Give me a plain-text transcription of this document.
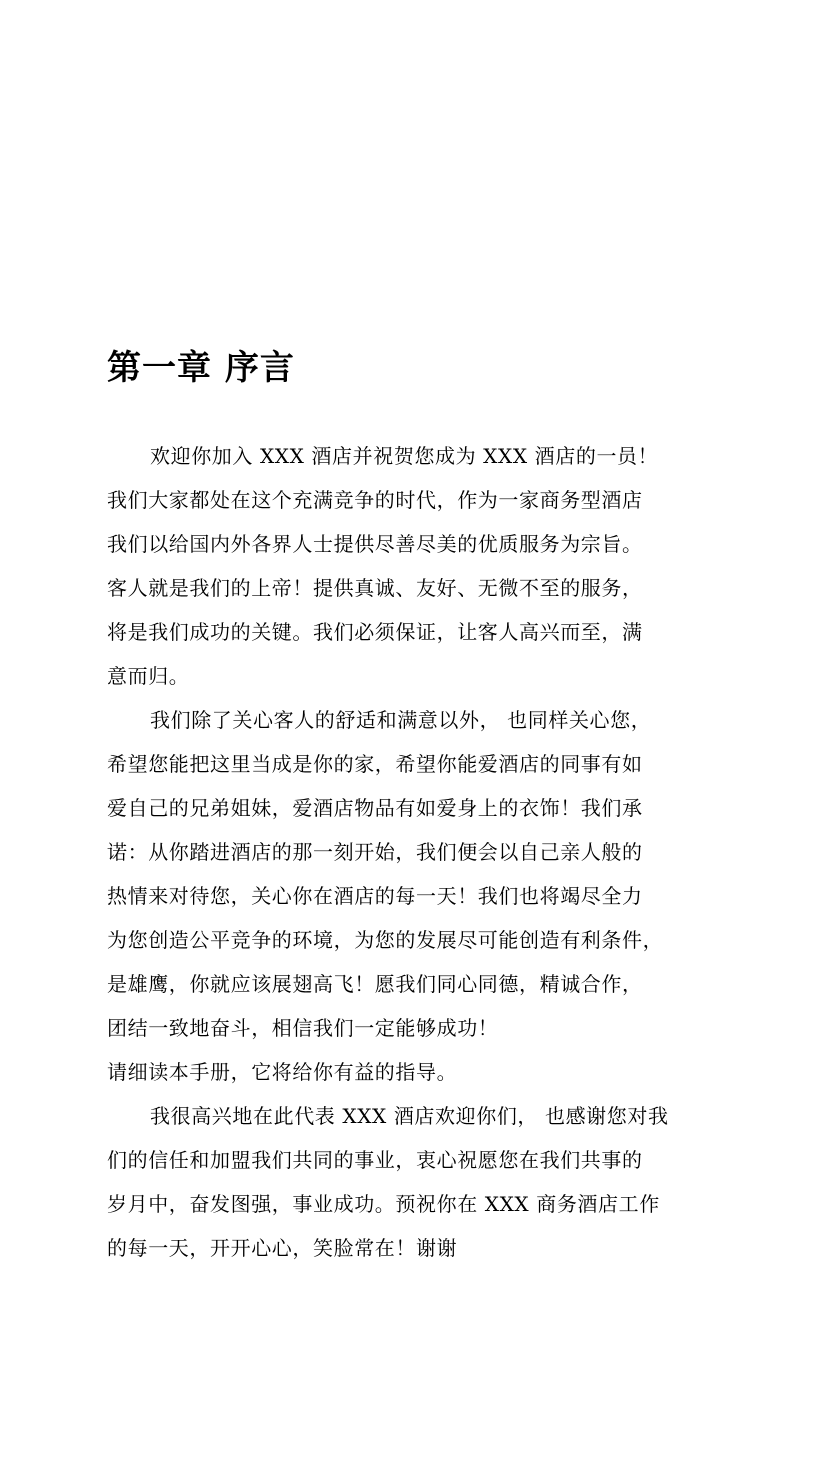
第一章 序言
欢迎你加入 XXX 酒店并祝贺您成为 XXX 酒店的一员！
我们大家都处在这个充满竞争的时代，作为一家商务型酒店
我们以给国内外各界人士提供尽善尽美的优质服务为宗旨。
客人就是我们的上帝！提供真诚、友好、无微不至的服务，
将是我们成功的关键。我们必须保证，让客人高兴而至，满
意而归。
我们除了关心客人的舒适和满意以外， 也同样关心您，
希望您能把这里当成是你的家，希望你能爱酒店的同事有如
爱自己的兄弟姐妹，爱酒店物品有如爱身上的衣饰！我们承
诺：从你踏进酒店的那一刻开始，我们便会以自己亲人般的
热情来对待您，关心你在酒店的每一天！我们也将竭尽全力
为您创造公平竞争的环境，为您的发展尽可能创造有利条件，
是雄鹰，你就应该展翅高飞！愿我们同心同德，精诚合作，
团结一致地奋斗，相信我们一定能够成功！
请细读本手册，它将给你有益的指导。
我很高兴地在此代表 XXX 酒店欢迎你们， 也感谢您对我
们的信任和加盟我们共同的事业，衷心祝愿您在我们共事的
岁月中，奋发图强，事业成功。预祝你在 XXX 商务酒店工作
的每一天，开开心心，笑脸常在！谢谢
